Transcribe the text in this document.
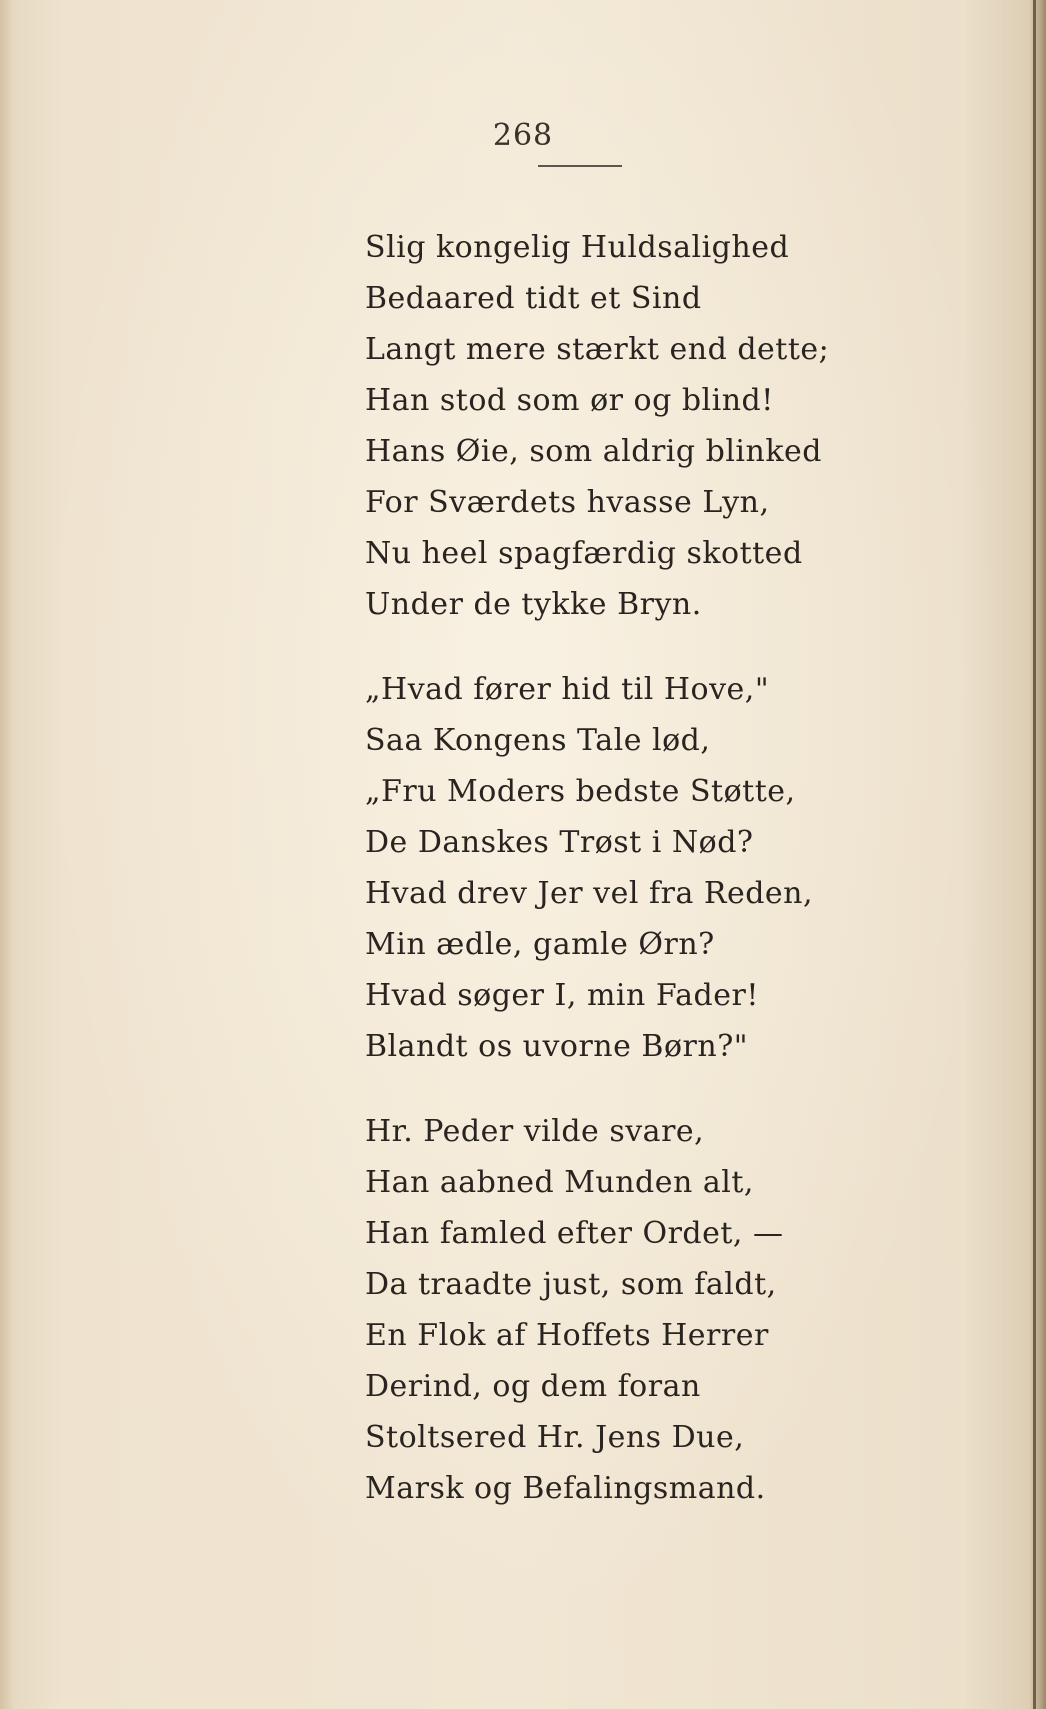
268
Slig kongelig Huldsalighed
Bedaared tidt et Sind
Langt mere stærkt end dette;
Han stod som ør og blind!
Hans Øie, som aldrig blinked
For Sværdets hvasse Lyn,
Nu heel spagfærdig skotted
Under de tykke Bryn.
„Hvad fører hid til Hove,"
Saa Kongens Tale lød,
„Fru Moders bedste Støtte,
De Danskes Trøst i Nød?
Hvad drev Jer vel fra Reden,
Min ædle, gamle Ørn?
Hvad søger I, min Fader!
Blandt os uvorne Børn?"
Hr. Peder vilde svare,
Han aabned Munden alt,
Han famled efter Ordet, —
Da traadte just, som faldt,
En Flok af Hoffets Herrer
Derind, og dem foran
Stoltsered Hr. Jens Due,
Marsk og Befalingsmand.
